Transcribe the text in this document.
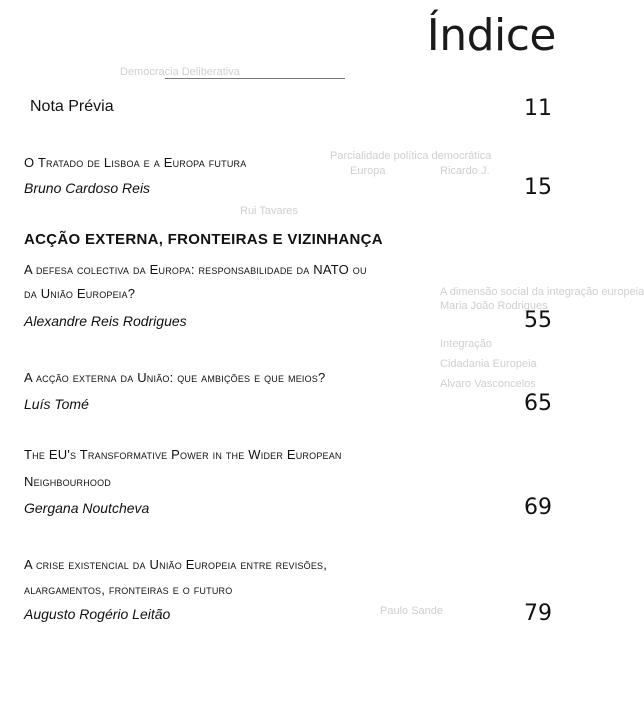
Democracia Deliberativa
Parcialidade política democrática
Europa	Ricardo J.
Rui Tavares
A dimensão social da integração europeia
Maria João Rodrigues
Integração
Cidadania Europeia
Alvaro Vasconcelos
Paulo Sande
Índice
Nota Prévia	11
O Tratado de Lisboa e a Europa futura
Bruno Cardoso Reis	15
ACÇÃO EXTERNA, FRONTEIRAS E VIZINHANÇA
A defesa colectiva da Europa: responsabilidade da NATO ou
da União Europeia?
Alexandre Reis Rodrigues	55
A acção externa da União: que ambições e que meios?
Luís Tomé	65
The EU's Transformative Power in the Wider European
Neighbourhood
Gergana Noutcheva	69
A crise existencial da União Europeia entre revisões,
alargamentos, fronteiras e o futuro
Augusto Rogério Leitão	79
